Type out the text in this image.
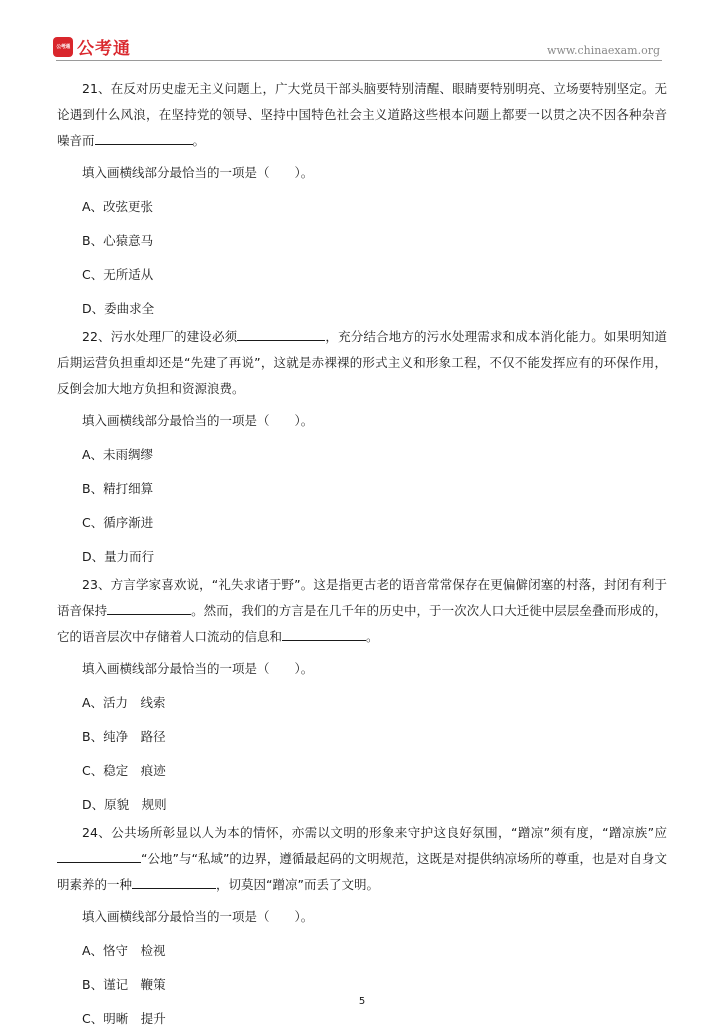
公考通 公考通	www.chinaexam.org

21、在反对历史虚无主义问题上，广大党员干部头脑要特别清醒、眼睛要特别明亮、立场要特别坚定。无论遇到什么风浪，在坚持党的领导、坚持中国特色社会主义道路这些根本问题上都要一以贯之决不因各种杂音噪音而	。

填入画横线部分最恰当的一项是（　　）。

A、改弦更张
B、心猿意马
C、无所适从
D、委曲求全

22、污水处理厂的建设必须	，充分结合地方的污水处理需求和成本消化能力。如果明知道后期运营负担重却还是“先建了再说”，这就是赤裸裸的形式主义和形象工程，不仅不能发挥应有的环保作用，反倒会加大地方负担和资源浪费。

填入画横线部分最恰当的一项是（　　）。

A、未雨绸缪
B、精打细算
C、循序渐进
D、量力而行

23、方言学家喜欢说，“礼失求诸于野”。这是指更古老的语音常常保存在更偏僻闭塞的村落，封闭有利于语音保持	。然而，我们的方言是在几千年的历史中，于一次次人口大迁徙中层层垒叠而形成的，它的语音层次中存储着人口流动的信息和	。

填入画横线部分最恰当的一项是（　　）。

A、活力　线索
B、纯净　路径
C、稳定　痕迹
D、原貌　规则

24、公共场所彰显以人为本的情怀，亦需以文明的形象来守护这良好氛围，“蹭凉”须有度，“蹭凉族”应“公地”与“私域”的边界，遵循最起码的文明规范，这既是对提供纳凉场所的尊重，也是对自身文明素养的一种	，切莫因“蹭凉”而丢了文明。

填入画横线部分最恰当的一项是（　　）。

A、恪守　检视
B、谨记　鞭策
C、明晰　提升
5
